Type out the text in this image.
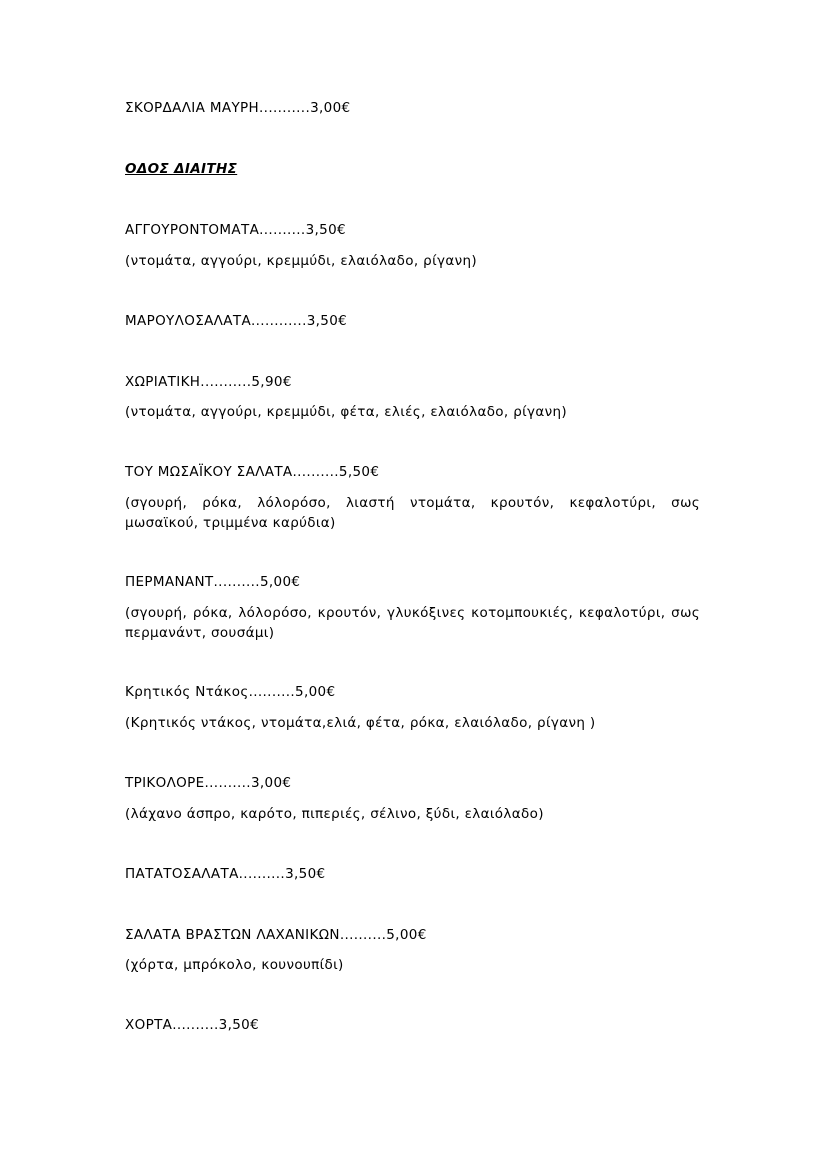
ΣΚΟΡΔΑΛΙΑ ΜΑΥΡΗ...........3,00€
ΟΔΟΣ ΔΙΑΙΤΗΣ
ΑΓΓΟΥΡΟΝΤΟΜΑΤΑ..........3,50€
(ντομάτα, αγγούρι, κρεμμύδι, ελαιόλαδο, ρίγανη)
ΜΑΡΟΥΛΟΣΑΛΑΤΑ............3,50€
ΧΩΡΙΑΤΙΚΗ...........5,90€
(ντομάτα, αγγούρι, κρεμμύδι, φέτα, ελιές, ελαιόλαδο, ρίγανη)
ΤΟΥ ΜΩΣΑΪΚΟΥ ΣΑΛΑΤΑ..........5,50€
(σγουρή, ρόκα, λόλορόσο, λιαστή ντομάτα, κρουτόν, κεφαλοτύρι, σως μωσαϊκού, τριμμένα καρύδια)
ΠΕΡΜΑΝΑΝΤ..........5,00€
(σγουρή, ρόκα, λόλορόσο, κρουτόν, γλυκόξινες κοτομπουκιές, κεφαλοτύρι, σως περμανάντ, σουσάμι)
Κρητικός Ντάκος..........5,00€
(Κρητικός ντάκος, ντομάτα,ελιά, φέτα, ρόκα, ελαιόλαδο, ρίγανη )
ΤΡΙΚΟΛΟΡΕ..........3,00€
(λάχανο άσπρο, καρότο, πιπεριές, σέλινο, ξύδι, ελαιόλαδο)
ΠΑΤΑΤΟΣΑΛΑΤΑ..........3,50€
ΣΑΛΑΤΑ ΒΡΑΣΤΩΝ ΛΑΧΑΝΙΚΩΝ..........5,00€
(χόρτα, μπρόκολο, κουνουπίδι)
ΧΟΡΤΑ..........3,50€
